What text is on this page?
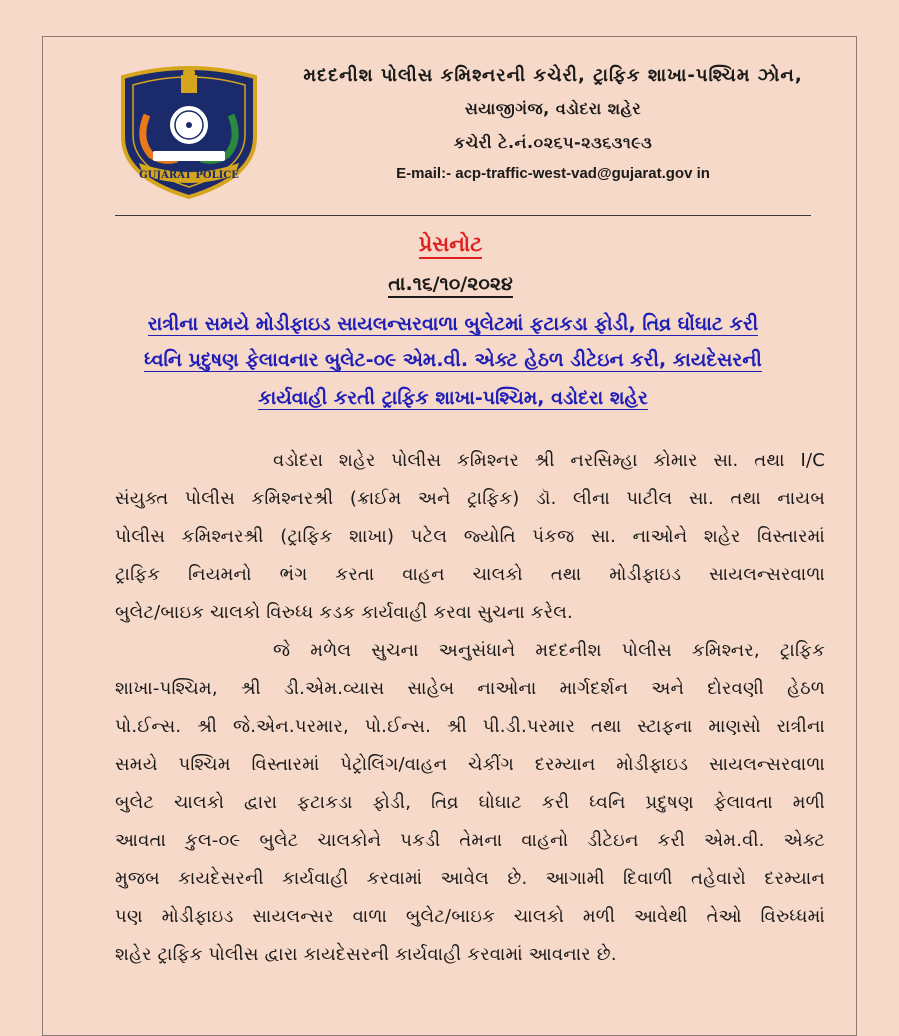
GUJARAT POLICE
મદદનીશ પોલીસ કમિશ્નરની કચેરી, ટ્રાફિક શાખા-પશ્ચિમ ઝોન,
સયાજીગંજ, વડોદરા શહેર
કચેરી ટે.નં.૦૨૬૫-૨૩૬૩૧૯૩
E-mail:- acp-traffic-west-vad@gujarat.gov in
પ્રેસનોટ
તા.૧૬/૧૦/૨૦૨૪
રાત્રીના સમયે મોડીફાઇડ સાયલન્સરવાળા બુલેટમાં ફટાકડા ફોડી, તિવ્ર ઘોંઘાટ કરી
ધ્વનિ પ્રદુષણ ફેલાવનાર બુલેટ-૦૯ એમ.વી. એક્ટ હેઠળ ડીટેઇન કરી, કાયદેસરની
કાર્યવાહી કરતી ટ્રાફિક શાખા-પશ્ચિમ, વડોદરા શહેર
વડોદરા શહેર પોલીસ કમિશ્નર શ્રી નરસિમ્હા કોમાર સા. તથા I/C
સંયુક્ત પોલીસ કમિશ્નરશ્રી (ક્રાઈમ અને ટ્રાફિક) ડૉ. લીના પાટીલ સા. તથા નાયબ
પોલીસ કમિશ્નરશ્રી (ટ્રાફિક શાખા) પટેલ જ્યોતિ પંકજ સા. નાઓને શહેર વિસ્તારમાં
ટ્રાફિક નિયમનો ભંગ કરતા વાહન ચાલકો તથા મોડીફાઇડ સાયલન્સરવાળા
બુલેટ/બાઇક ચાલકો વિરુધ્ધ કડક કાર્યવાહી કરવા સુચના કરેલ.
જે મળેલ સુચના અનુસંધાને મદદનીશ પોલીસ કમિશ્નર, ટ્રાફિક
શાખા-પશ્ચિમ, શ્રી ડી.એમ.વ્યાસ સાહેબ નાઓના માર્ગદર્શન અને દોરવણી હેઠળ
પો.ઈન્સ. શ્રી જે.એન.પરમાર, પો.ઈન્સ. શ્રી પી.ડી.પરમાર તથા સ્ટાફના માણસો રાત્રીના
સમયે પશ્ચિમ વિસ્તારમાં પેટ્રોલિંગ/વાહન ચેકીંગ દરમ્યાન મોડીફાઇડ સાયલન્સરવાળા
બુલેટ ચાલકો દ્વારા ફટાકડા ફોડી, તિવ્ર ઘોઘાટ કરી ધ્વનિ પ્રદુષણ ફેલાવતા મળી
આવતા કુલ-૦૯ બુલેટ ચાલકોને પકડી તેમના વાહનો ડીટેઇન કરી એમ.વી. એક્ટ
મુજબ કાયદેસરની કાર્યવાહી કરવામાં આવેલ છે. આગામી દિવાળી તહેવારો દરમ્યાન
પણ મોડીફાઇડ સાયલન્સર વાળા બુલેટ/બાઇક ચાલકો મળી આવેથી તેઓ વિરુધ્ધમાં
શહેર ટ્રાફિક પોલીસ દ્વારા કાયદેસરની કાર્યવાહી કરવામાં આવનાર છે.
